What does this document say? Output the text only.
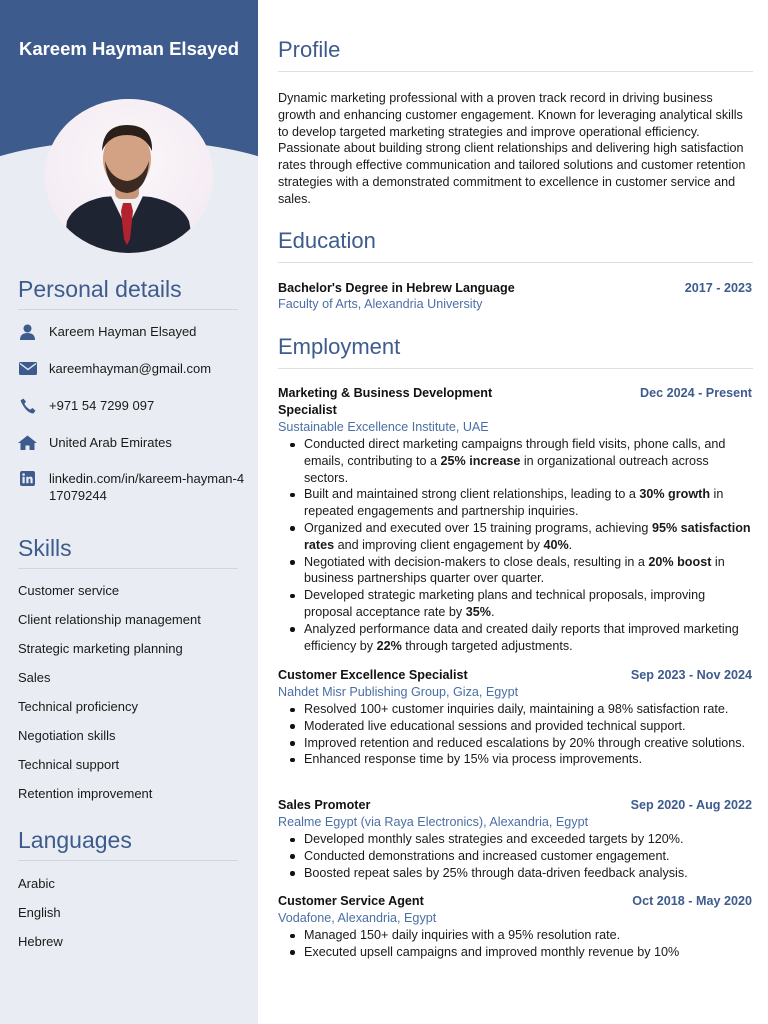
Kareem Hayman Elsayed
Personal details
Kareem Hayman Elsayed
kareemhayman@gmail.com
+971 54 7299 097
United Arab Emirates
linkedin.com/in/kareem-hayman-417079244
Skills
Customer service
Client relationship management
Strategic marketing planning
Sales
Technical proficiency
Negotiation skills
Technical support
Retention improvement
Languages
Arabic
English
Hebrew
Profile
Dynamic marketing professional with a proven track record in driving business growth and enhancing customer engagement. Known for leveraging analytical skills to develop targeted marketing strategies and improve operational efficiency. Passionate about building strong client relationships and delivering high satisfaction rates through effective communication and tailored solutions and customer retention strategies with a demonstrated commitment to excellence in customer service and sales.
Education
Bachelor's Degree in Hebrew Language	2017 - 2023
Faculty of Arts, Alexandria University
Employment
Marketing & Business Development Specialist
Dec 2024 - Present
Sustainable Excellence Institute, UAE
Conducted direct marketing campaigns through field visits, phone calls, and emails, contributing to a 25% increase in organizational outreach across sectors.
Built and maintained strong client relationships, leading to a 30% growth in repeated engagements and partnership inquiries.
Organized and executed over 15 training programs, achieving 95% satisfaction rates and improving client engagement by 40%.
Negotiated with decision-makers to close deals, resulting in a 20% boost in business partnerships quarter over quarter.
Developed strategic marketing plans and technical proposals, improving proposal acceptance rate by 35%.
Analyzed performance data and created daily reports that improved marketing efficiency by 22% through targeted adjustments.
Customer Excellence Specialist	Sep 2023 - Nov 2024
Nahdet Misr Publishing Group, Giza, Egypt
Resolved 100+ customer inquiries daily, maintaining a 98% satisfaction rate.
Moderated live educational sessions and provided technical support.
Improved retention and reduced escalations by 20% through creative solutions.
Enhanced response time by 15% via process improvements.
Sales Promoter	Sep 2020 - Aug 2022
Realme Egypt (via Raya Electronics), Alexandria, Egypt
Developed monthly sales strategies and exceeded targets by 120%.
Conducted demonstrations and increased customer engagement.
Boosted repeat sales by 25% through data-driven feedback analysis.
Customer Service Agent	Oct 2018 - May 2020
Vodafone, Alexandria, Egypt
Managed 150+ daily inquiries with a 95% resolution rate.
Executed upsell campaigns and improved monthly revenue by 10%
